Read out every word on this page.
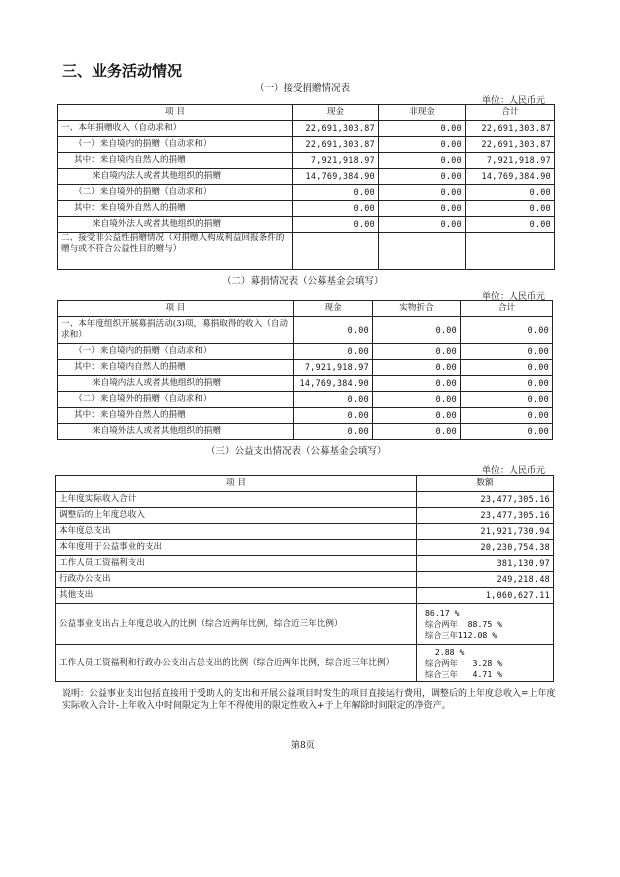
三、业务活动情况
（一）接受捐赠情况表
单位：人民币元
项 目	现金	非现金	合计
一、本年捐赠收入（自动求和）	22,691,303.87	0.00	22,691,303.87
（一）来自境内的捐赠（自动求和）	22,691,303.87	0.00	22,691,303.87
其中：来自境内自然人的捐赠	7,921,918.97	0.00	7,921,918.97
来自境内法人或者其他组织的捐赠	14,769,384.90	0.00	14,769,384.90
（二）来自境外的捐赠（自动求和）	0.00	0.00	0.00
其中：来自境外自然人的捐赠	0.00	0.00	0.00
来自境外法人或者其他组织的捐赠	0.00	0.00	0.00
二、接受非公益性捐赠情况（对捐赠人构成利益回报条件的赠与或不符合公益性目的赠与）			
（二）募捐情况表（公募基金会填写）
单位：人民币元
项 目	现金	实物折合	合计
一、本年度组织开展募捐活动(3)项，募捐取得的收入（自动求和）	0.00	0.00	0.00
（一）来自境内的捐赠（自动求和）	0.00	0.00	0.00
其中：来自境内自然人的捐赠	7,921,918.97	0.00	0.00
来自境内法人或者其他组织的捐赠	14,769,384.90	0.00	0.00
（二）来自境外的捐赠（自动求和）	0.00	0.00	0.00
其中：来自境外自然人的捐赠	0.00	0.00	0.00
来自境外法人或者其他组织的捐赠	0.00	0.00	0.00
（三）公益支出情况表（公募基金会填写）
单位：人民币元
项 目	数额
上年度实际收入合计	23,477,305.16
调整后的上年度总收入	23,477,305.16
本年度总支出	21,921,730.94
本年度用于公益事业的支出	20,230,754.38
工作人员工资福利支出	381,130.97
行政办公支出	249,218.48
其他支出	1,060,627.11
公益事业支出占上年度总收入的比例（综合近两年比例，综合近三年比例）	86.17 %
综合两年  88.75 %
综合三年112.08 %

工作人员工资福利和行政办公支出占总支出的比例（综合近两年比例，综合近三年比例）	2.88 %
综合两年   3.28 %
综合三年   4.71 %
说明：公益事业支出包括直接用于受助人的支出和开展公益项目时发生的项目直接运行费用，调整后的上年度总收入=上年度实际收入合计-上年收入中时间限定为上年不得使用的限定性收入+于上年解除时间限定的净资产。
第8页
